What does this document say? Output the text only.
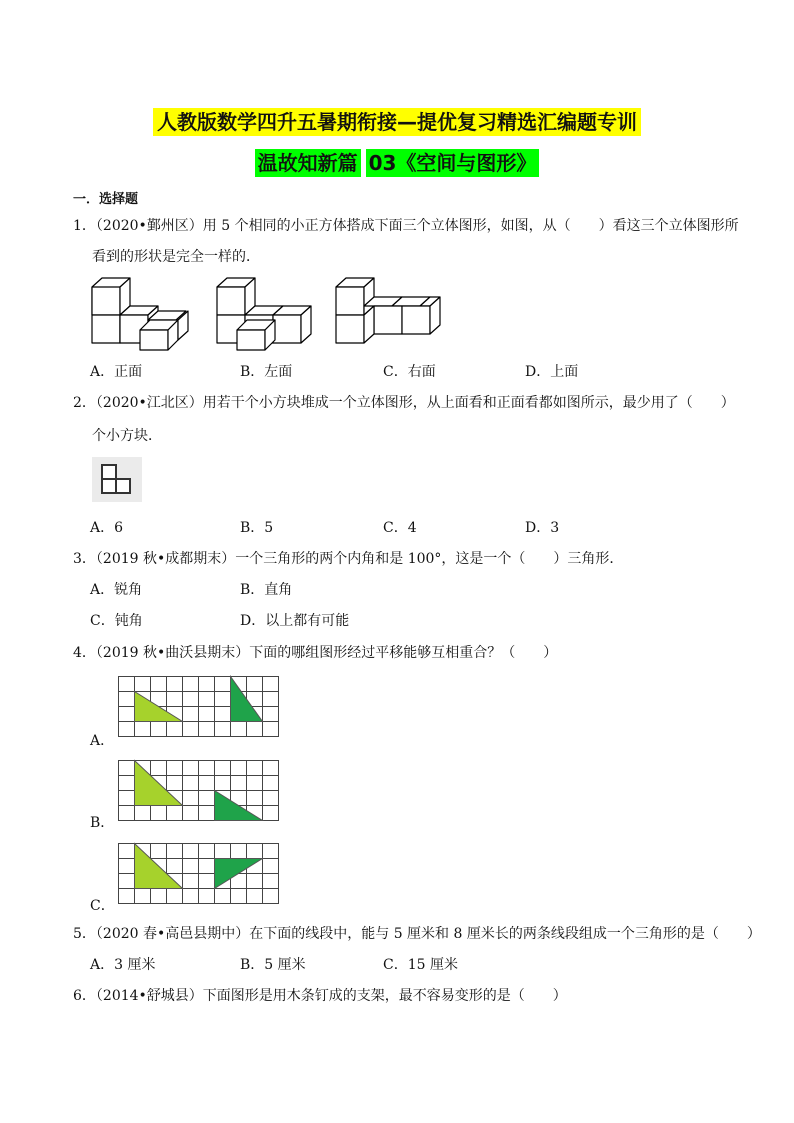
人教版数学四升五暑期衔接—提优复习精选汇编题专训
温故知新篇 03《空间与图形》
一．选择题
1．（2020•鄞州区）用 5 个相同的小正方体搭成下面三个立体图形，如图，从（　　）看这三个立体图形所
看到的形状是完全一样的．
A．正面	B．左面	C．右面	D．上面
2．（2020•江北区）用若干个小方块堆成一个立体图形，从上面看和正面看都如图所示，最少用了（　　）
个小方块．
A．6	B．5	C．4	D．3
3．（2019 秋•成都期末）一个三角形的两个内角和是 100°，这是一个（　　）三角形．
A．锐角	B．直角
C．钝角	D．以上都有可能
4．（2019 秋•曲沃县期末）下面的哪组图形经过平移能够互相重合？（　　）
A．
B．
C．
5．（2020 春•高邑县期中）在下面的线段中，能与 5 厘米和 8 厘米长的两条线段组成一个三角形的是（　　）
A．3 厘米	B．5 厘米	C．15 厘米
6．（2014•舒城县）下面图形是用木条钉成的支架，最不容易变形的是（　　）
